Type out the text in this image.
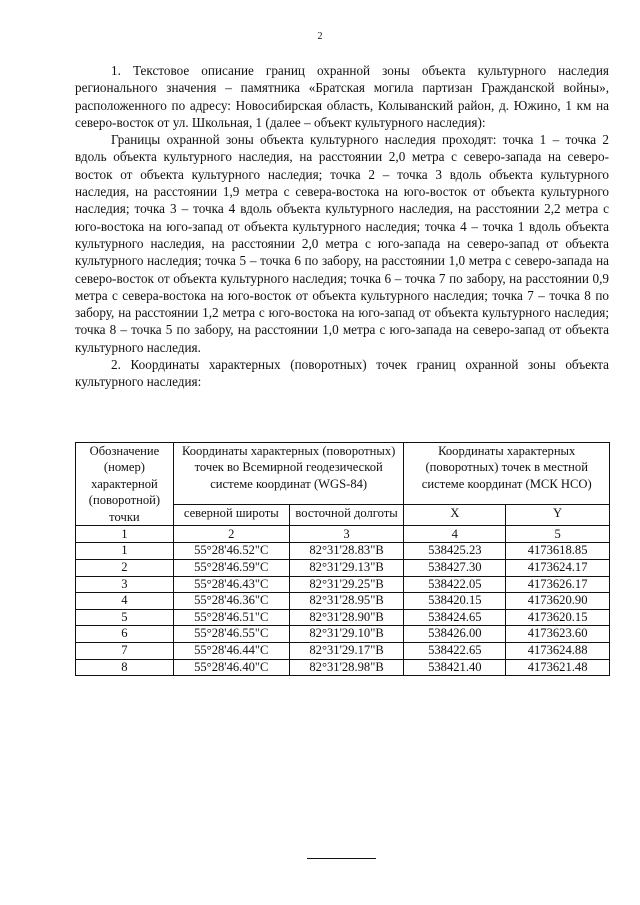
2

1. Текстовое описание границ охранной зоны объекта культурного наследия регионального значения – памятника «Братская могила партизан Гражданской войны», расположенного по адресу: Новосибирская область, Колыванский район, д. Южино, 1 км на северо-восток от ул. Школьная, 1 (далее – объект культурного наследия):

Границы охранной зоны объекта культурного наследия проходят: точка 1 – точка 2 вдоль объекта культурного наследия, на расстоянии 2,0 метра с северо-запада на северо-восток от объекта культурного наследия; точка 2 – точка 3 вдоль объекта культурного наследия, на расстоянии 1,9 метра с севера-востока на юго-восток от объекта культурного наследия; точка 3 – точка 4 вдоль объекта культурного наследия, на расстоянии 2,2 метра с юго-востока на юго-запад от объекта культурного наследия; точка 4 – точка 1 вдоль объекта культурного наследия, на расстоянии 2,0 метра с юго-запада на северо-запад от объекта культурного наследия; точка 5 – точка 6 по забору, на расстоянии 1,0 метра с северо-запада на северо-восток от объекта культурного наследия; точка 6 – точка 7 по забору, на расстоянии 0,9 метра с севера-востока на юго-восток от объекта культурного наследия; точка 7 – точка 8 по забору, на расстоянии 1,2 метра с юго-востока на юго-запад от объекта культурного наследия; точка 8 – точка 5 по забору, на расстоянии 1,0 метра с юго-запада на северо-запад от объекта культурного наследия.

2. Координаты характерных (поворотных) точек границ охранной зоны объекта культурного наследия:

Обозначение (номер) характерной (поворотной) точки	Координаты характерных (поворотных) точек во Всемирной геодезической системе координат (WGS-84)		Координаты характерных (поворотных) точек в местной системе координат (МСК НСО)	
	северной широты	восточной долготы	X	Y
1	2	3	4	5
1	55°28'46.52"С	82°31'28.83"В	538425.23	4173618.85
2	55°28'46.59"С	82°31'29.13"В	538427.30	4173624.17
3	55°28'46.43"С	82°31'29.25"В	538422.05	4173626.17
4	55°28'46.36"С	82°31'28.95"В	538420.15	4173620.90
5	55°28'46.51"С	82°31'28.90"В	538424.65	4173620.15
6	55°28'46.55"С	82°31'29.10"В	538426.00	4173623.60
7	55°28'46.44"С	82°31'29.17"В	538422.65	4173624.88
8	55°28'46.40"С	82°31'28.98"В	538421.40	4173621.48
